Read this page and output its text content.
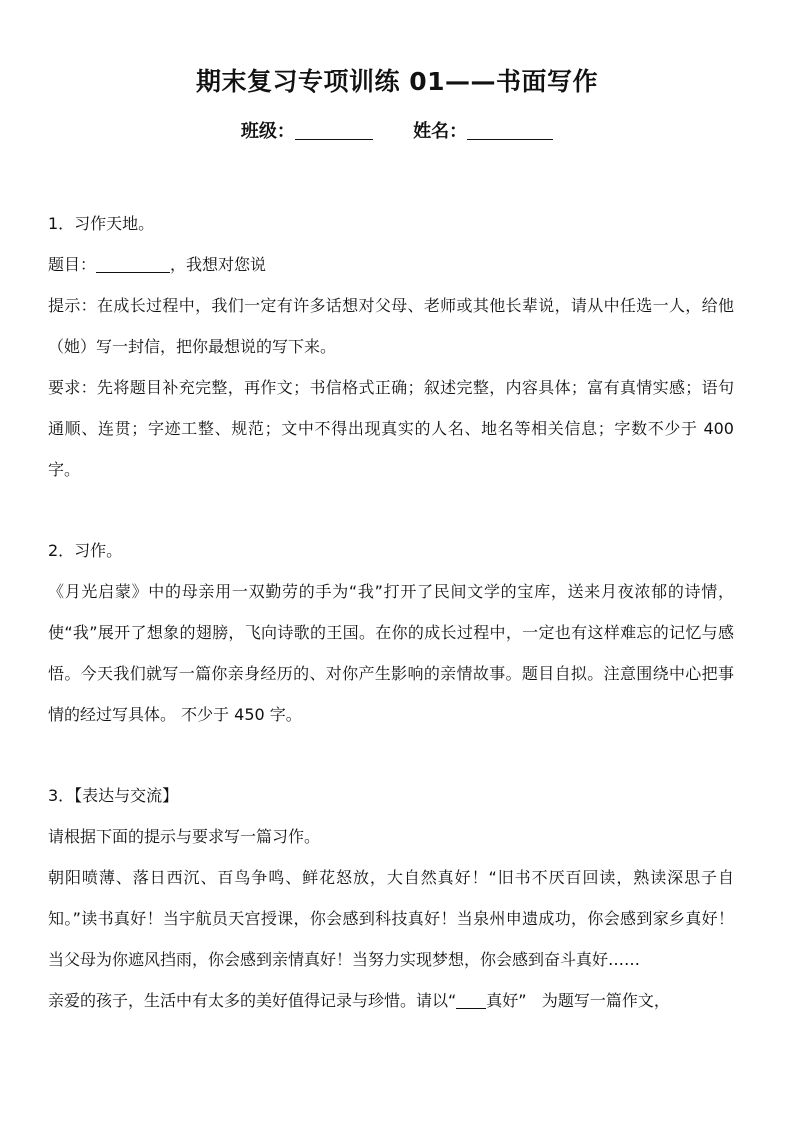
期末复习专项训练 01——书面写作
班级：	姓名：

1．习作天地。

题目：	，我想对您说

提示：在成长过程中，我们一定有许多话想对父母、老师或其他长辈说，请从中任选一人，给他（她）写一封信，把你最想说的写下来。

要求：先将题目补充完整，再作文；书信格式正确；叙述完整，内容具体；富有真情实感；语句通顺、连贯；字迹工整、规范；文中不得出现真实的人名、地名等相关信息；字数不少于 400 字。

2．习作。

《月光启蒙》中的母亲用一双勤劳的手为“我”打开了民间文学的宝库，送来月夜浓郁的诗情，使“我”展开了想象的翅膀，飞向诗歌的王国。在你的成长过程中，一定也有这样难忘的记忆与感悟。今天我们就写一篇你亲身经历的、对你产生影响的亲情故事。题目自拟。注意围绕中心把事情的经过写具体。 不少于 450 字。

3．【表达与交流】

请根据下面的提示与要求写一篇习作。

朝阳喷薄、落日西沉、百鸟争鸣、鲜花怒放，大自然真好！“旧书不厌百回读，熟读深思子自知。”读书真好！当宇航员天宫授课，你会感到科技真好！当泉州申遗成功，你会感到家乡真好！当父母为你遮风挡雨，你会感到亲情真好！当努力实现梦想，你会感到奋斗真好……

亲爱的孩子，生活中有太多的美好值得记录与珍惜。请以“ 真好” 为题写一篇作文，
